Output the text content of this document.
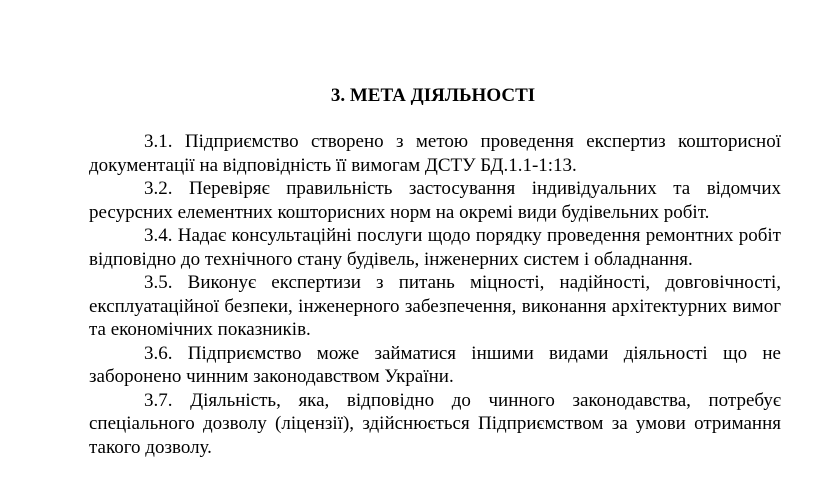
3. МЕТА ДІЯЛЬНОСТІ

3.1. Підприємство створено з метою проведення експертиз кошторисної документації на відповідність її вимогам ДСТУ БД.1.1-1:13.

3.2. Перевіряє правильність застосування індивідуальних та відомчих ресурсних елементних кошторисних норм на окремі види будівельних робіт.

3.4. Надає консультаційні послуги щодо порядку проведення ремонтних робіт відповідно до технічного стану будівель, інженерних систем і обладнання.

3.5. Виконує експертизи з питань міцності, надійності, довговічності, експлуатаційної безпеки, інженерного забезпечення, виконання архітектурних вимог та економічних показників.

3.6. Підприємство може займатися іншими видами діяльності що не заборонено чинним законодавством України.

3.7. Діяльність, яка, відповідно до чинного законодавства, потребує спеціального дозволу (ліцензії), здійснюється Підприємством за умови отримання такого дозволу.
